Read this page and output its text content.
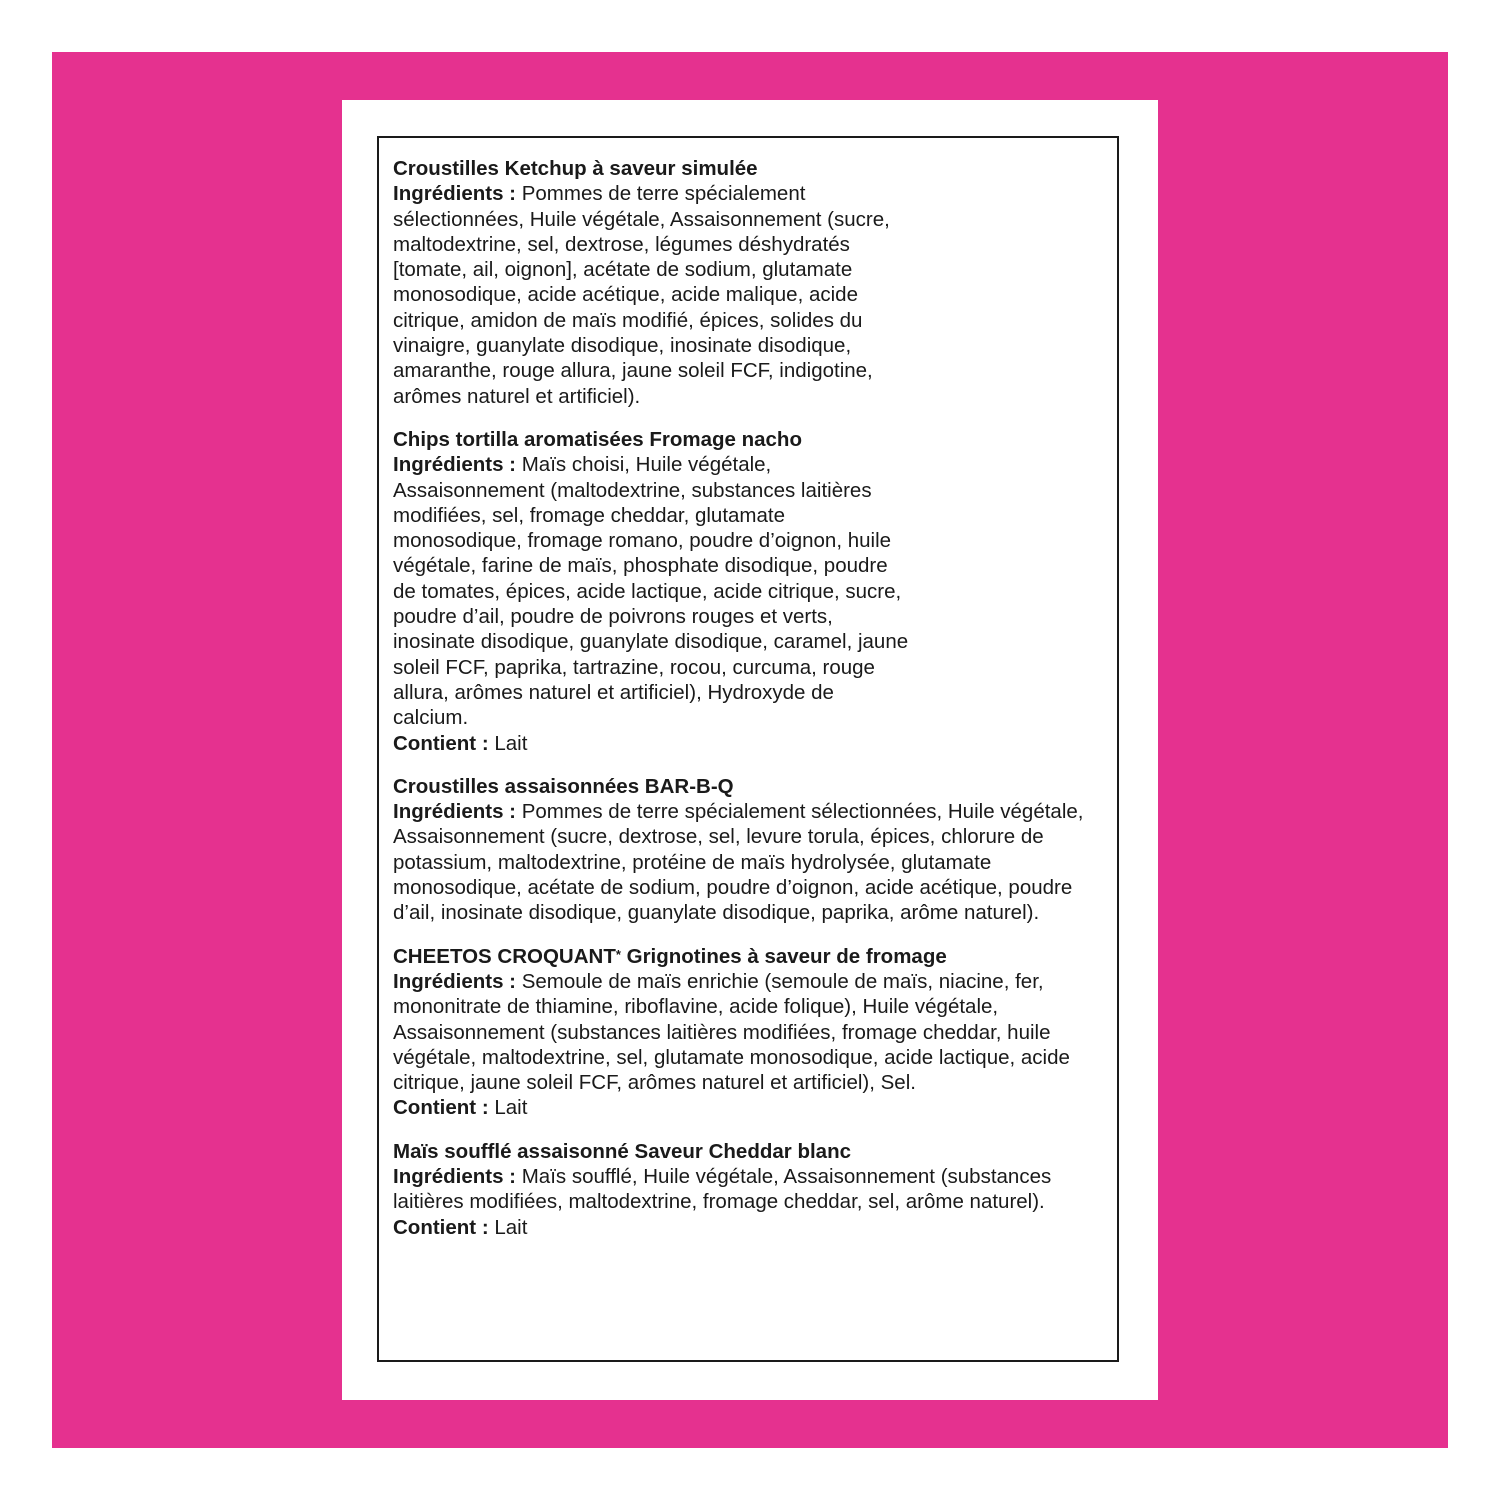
Croustilles Ketchup à saveur simulée
Ingrédients : Pommes de terre spécialement sélectionnées, Huile végétale, Assaisonnement (sucre, maltodextrine, sel, dextrose, légumes déshydratés [tomate, ail, oignon], acétate de sodium, glutamate monosodique, acide acétique, acide malique, acide citrique, amidon de maïs modifié, épices, solides du vinaigre, guanylate disodique, inosinate disodique, amaranthe, rouge allura, jaune soleil FCF, indigotine, arômes naturel et artificiel).
Chips tortilla aromatisées Fromage nacho
Ingrédients : Maïs choisi, Huile végétale, Assaisonnement (maltodextrine, substances laitières modifiées, sel, fromage cheddar, glutamate monosodique, fromage romano, poudre d’oignon, huile végétale, farine de maïs, phosphate disodique, poudre de tomates, épices, acide lactique, acide citrique, sucre, poudre d’ail, poudre de poivrons rouges et verts, inosinate disodique, guanylate disodique, caramel, jaune soleil FCF, paprika, tartrazine, rocou, curcuma, rouge allura, arômes naturel et artificiel), Hydroxyde de calcium.
Contient : Lait
Croustilles assaisonnées BAR-B-Q
Ingrédients : Pommes de terre spécialement sélectionnées, Huile végétale, Assaisonnement (sucre, dextrose, sel, levure torula, épices, chlorure de potassium, maltodextrine, protéine de maïs hydrolysée, glutamate monosodique, acétate de sodium, poudre d’oignon, acide acétique, poudre d’ail, inosinate disodique, guanylate disodique, paprika, arôme naturel).
CHEETOS CROQUANT* Grignotines à saveur de fromage
Ingrédients : Semoule de maïs enrichie (semoule de maïs, niacine, fer, mononitrate de thiamine, riboflavine, acide folique), Huile végétale, Assaisonnement (substances laitières modifiées, fromage cheddar, huile végétale, maltodextrine, sel, glutamate monosodique, acide lactique, acide citrique, jaune soleil FCF, arômes naturel et artificiel), Sel.
Contient : Lait
Maïs soufflé assaisonné Saveur Cheddar blanc
Ingrédients : Maïs soufflé, Huile végétale, Assaisonnement (substances laitières modifiées, maltodextrine, fromage cheddar, sel, arôme naturel).
Contient : Lait
